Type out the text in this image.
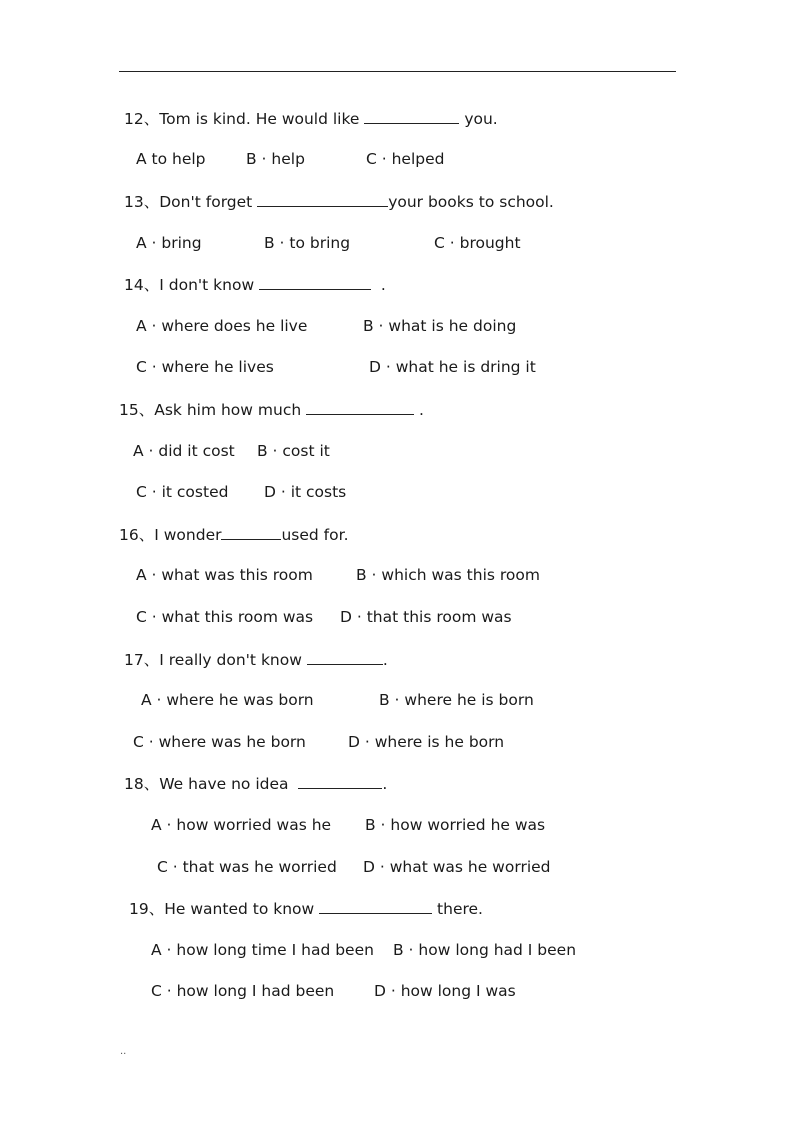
12、Tom is kind. He would like	you.
A to help	B · help	C · helped
13、Don't forget	your books to school.
A · bring	B · to bring	C · brought
14、I don't know	.
A · where does he live	B · what is he doing
C · where he lives	D · what he is dring it
15、Ask him how much	.
A · did it cost B · cost it
C · it costed D · it costs
16、I wonder	used for.
A · what was this room	B · which was this room
C · what this room was D · that this room was
17、I really don't know	.
A · where he was born	B · where he is born
C · where was he born	D · where is he born
18、We have no idea	.
A · how worried was he B · how worried he was
C · that was he worried D · what was he worried
19、He wanted to know	there.
A · how long time I had been B · how long had I been
C · how long I had been	D · how long I was
..
